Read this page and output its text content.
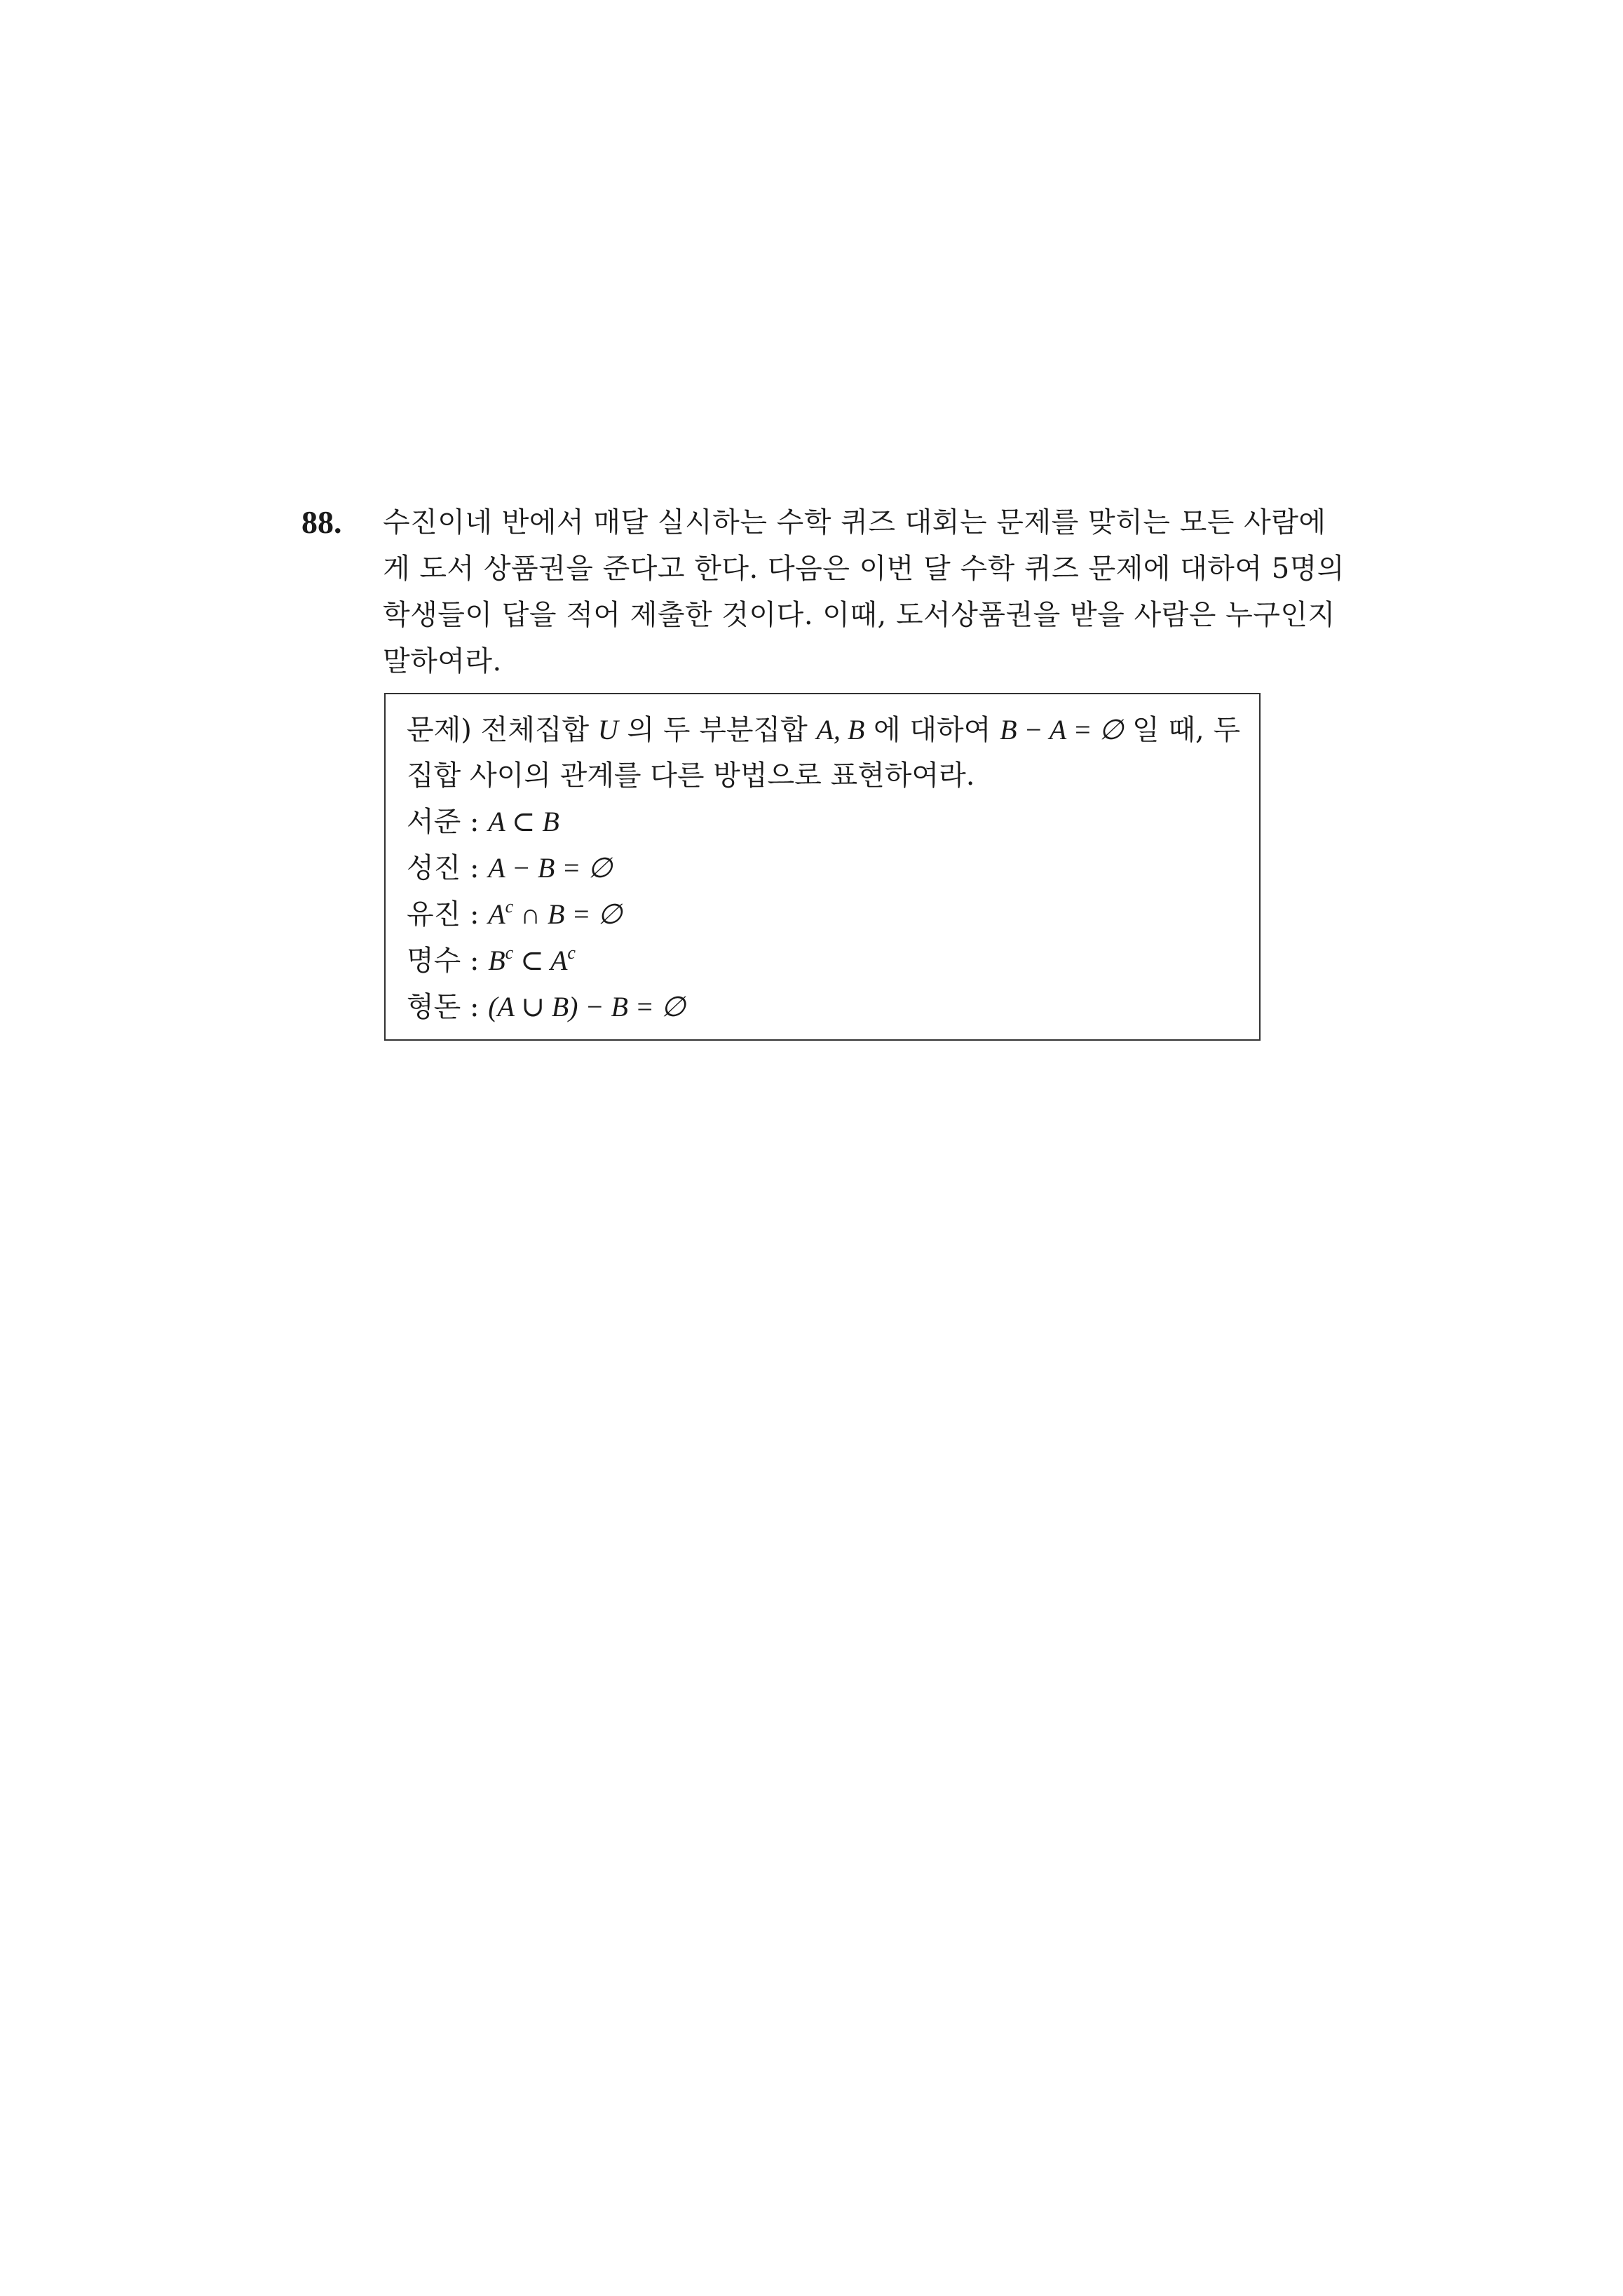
88. 수진이네 반에서 매달 실시하는 수학 퀴즈 대회는 문제를 맞히는 모든 사람에
게 도서 상품권을 준다고 한다. 다음은 이번 달 수학 퀴즈 문제에 대하여 5명의
학생들이 답을 적어 제출한 것이다. 이때, 도서상품권을 받을 사람은 누구인지
말하여라.
문제) 전체집합 U 의 두 부분집합 A, B 에 대하여 B − A = ∅ 일 때, 두
집합 사이의 관계를 다른 방법으로 표현하여라.
서준 : A ⊂ B
성진 : A − B = ∅
유진 : $A^c$ ∩ B = ∅
명수 : $B^c$ ⊂ $A^c$
형돈 : (A ∪ B) − B = ∅
